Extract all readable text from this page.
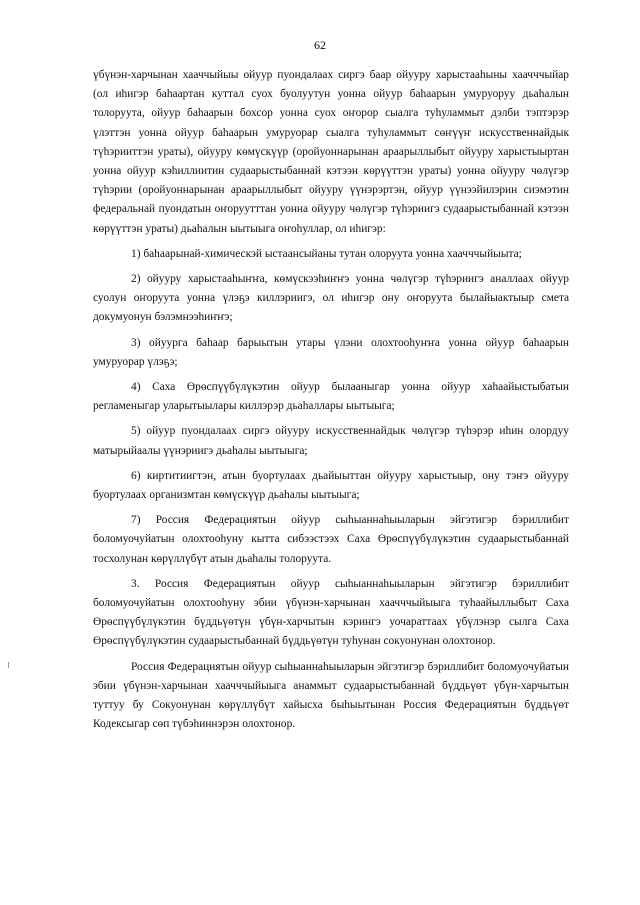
62

үбүнэн-харчынан хааччыйыы ойуур пуондалаах сиргэ баар ойууру харыстааһыны хаачччыйар (ол иһигэр баһаартан куттал суох буолуутун уонна ойуур баһаарын умуруоруу дьаһалын толоруута, ойуур баһаарын бохсор уонна суох оҥорор сыалга туһуламмыт дэлби тэптэрэр үлэттэн уонна ойуур баһаарын умуруорар сыалга туһуламмыт сөҥүүҥ искусственнайдык түһэрииттэн ураты), ойууру көмүскүүр (оройуоннарынан араарыллыбыт ойууру харыстыыртан уонна ойуур кэһиллиитин судаарыстыбаннай кэтээн көрүүттэн ураты) уонна ойууру чөлүгэр түһэрии (оройуоннарынан араарыллыбыт ойууру үүнэрэртэн, ойуур үүнээйилэрин сиэмэтин федеральнай пуондатын оҥоруутттан уонна ойууру чөлүгэр түһэриигэ судаарыстыбаннай кэтээн көрүүттэн ураты) дьаһалын ыытыыга оҥоһуллар, ол иһигэр:

1) баһаарынай-химическэй ыстаансыйаны тутан олоруута уонна хаачччыйыыта;

2) ойууру харыстааһыҥҥа, көмүскээһиҥҥэ уонна чөлүгэр түһэриигэ аналлаах ойуур суолун оҥоруута уонна үлэҕэ киллэриигэ, ол иһигэр ону оҥоруута былайыактыыр сметa докумуонун бэлэмнээһиҥҥэ;

3) ойуурга баһаар барыытын утары үлэни олохтооһуҥҥа уонна ойуур баһаарын умуруорар үлэҕэ;

4) Саха Өрөспүүбүлүкэтин ойуур былааныгар уонна ойуур хаһаайыстыбатын регламеныгар уларытыылары киллэрэр дьаһаллары ыытыыга;

5) ойуур пуондалаах сиргэ ойууру искусственнайдык чөлүгэр түһэрэр иһин олордуу матырыйаалы үүнэриигэ дьаһалы ыытыыга;

6) киртитиигтэн, атын буортулаах дьайыыттан ойууру харыстыыр, ону тэҥэ ойууру буортулаах организмтан көмүскүүр дьаһалы ыытыыга;

7) Россия Федерациятын ойуур сыһыаннаһыыларын эйгэтигэр бэриллибит боломуочуйатын олохтооһуну кытта сибээстээх Саха Өрөспүүбүлүкэтин судаарыстыбаннай тосхолунан көрүллүбүт атын дьаһалы толоруута.

3. Россия Федерациятын ойуур сыһыаннаһыыларын эйгэтигэр бэриллибит боломуочуйатын олохтооһуну эбии үбүнэн-харчынан хаачччыйыыга туһаайыллыбыт Саха Өрөспүүбүлүкэтин бүддьүөтүн үбүн-харчытын кэрингэ уочараттаах үбүлэнэр сылга Саха Өрөспүүбүлүкэтин судаарыстыбаннай бүддьүөтүн туһунан сокуонунан олохтонор.

Россия Федерациятын ойуур сыһыаннаһыыларын эйгэтигэр бэриллибит боломуочуйатын эбии үбүнэн-харчынан хаачччыйыыга анаммыт судаарыстыбаннай бүддьүөт үбүн-харчытын туттуу бу Сокуонунан көрүллүбүт хайысха быһыытынан Россия Федерациятын бүддьүөт Кодексыгар сөп түбэһиннэрэн олохтонор.
